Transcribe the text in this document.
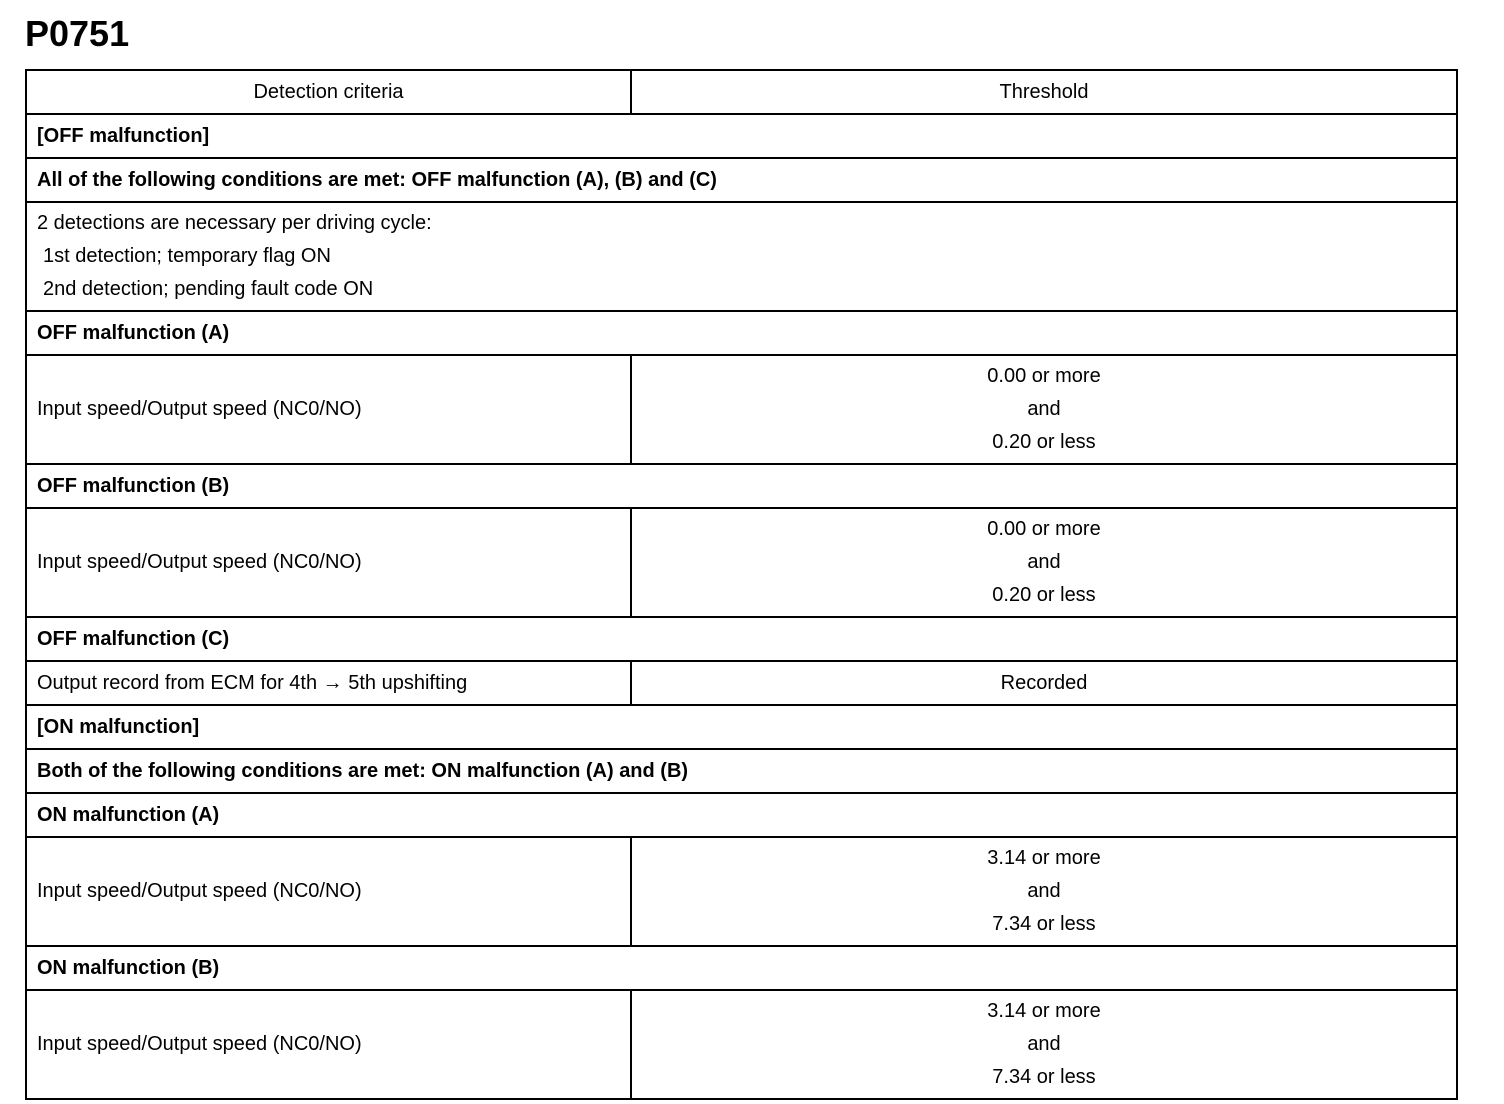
P0751
Detection criteria	Threshold
[OFF malfunction]	
All of the following conditions are met: OFF malfunction (A), (B) and (C)	

2 detections are necessary per driving cycle:
1st detection; temporary flag ON
2nd detection; pending fault code ON	

OFF malfunction (A)	
Input speed/Output speed (NC0/NO)	0.00 or more
and
0.20 or less

OFF malfunction (B)	
Input speed/Output speed (NC0/NO)	0.00 or more
and
0.20 or less

OFF malfunction (C)	
Output record from ECM for 4th → 5th upshifting	Recorded
[ON malfunction]	
Both of the following conditions are met: ON malfunction (A) and (B)	
ON malfunction (A)	
Input speed/Output speed (NC0/NO)	3.14 or more
and
7.34 or less

ON malfunction (B)	
Input speed/Output speed (NC0/NO)	3.14 or more
and
7.34 or less
